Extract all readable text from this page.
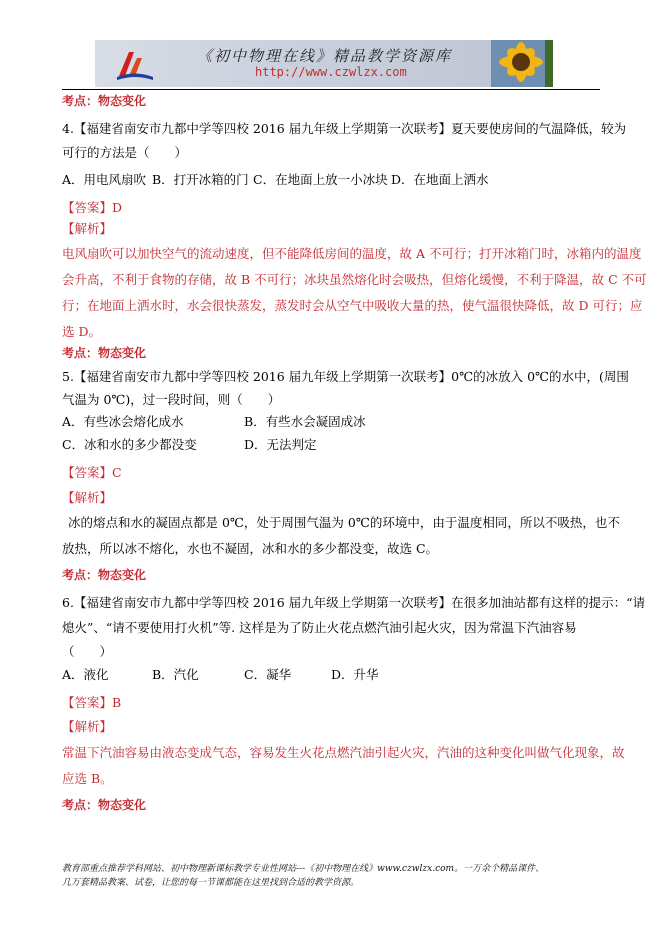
《初中物理在线》精品教学资源库
http://www.czwlzx.com
考点：物态变化
4.【福建省南安市九都中学等四校 2016 届九年级上学期第一次联考】夏天要使房间的气温降低，较为
可行的方法是（　　）
A．用电风扇吹 B．打开冰箱的门 C．在地面上放一小冰块 D．在地面上洒水
【答案】D
【解析】
电风扇吹可以加快空气的流动速度，但不能降低房间的温度，故 A 不可行；打开冰箱门时，冰箱内的温度
会升高，不利于食物的存储，故 B 不可行；冰块虽然熔化时会吸热，但熔化缓慢，不利于降温，故 C 不可
行；在地面上洒水时，水会很快蒸发，蒸发时会从空气中吸收大量的热，使气温很快降低，故 D 可行；应
选 D。
考点：物态变化
5.【福建省南安市九都中学等四校 2016 届九年级上学期第一次联考】0℃的冰放入 0℃的水中，(周围
气温为 0℃)，过一段时间，则（　　）
A．有些冰会熔化成水	B．有些水会凝固成冰
C．冰和水的多少都没变	D．无法判定
【答案】C
【解析】
冰的熔点和水的凝固点都是 0℃，处于周围气温为 0℃的环境中，由于温度相同，所以不吸热，也不
放热，所以冰不熔化，水也不凝固，冰和水的多少都没变，故选 C。
考点：物态变化
6.【福建省南安市九都中学等四校 2016 届九年级上学期第一次联考】在很多加油站都有这样的提示：“请
熄火”、“请不要使用打火机”等. 这样是为了防止火花点燃汽油引起火灾，因为常温下汽油容易
（　　）
A．液化	B．汽化	C．凝华	D．升华
【答案】B
【解析】
常温下汽油容易由液态变成气态，容易发生火花点燃汽油引起火灾，汽油的这种变化叫做气化现象，故
应选 B。
考点：物态变化
教育部重点推荐学科网站、初中物理新课标教学专业性网站---《初中物理在线》www.czwlzx.com。一万余个精品课件、
几万套精品教案、试卷，让您的每一节课都能在这里找到合适的教学资源。
